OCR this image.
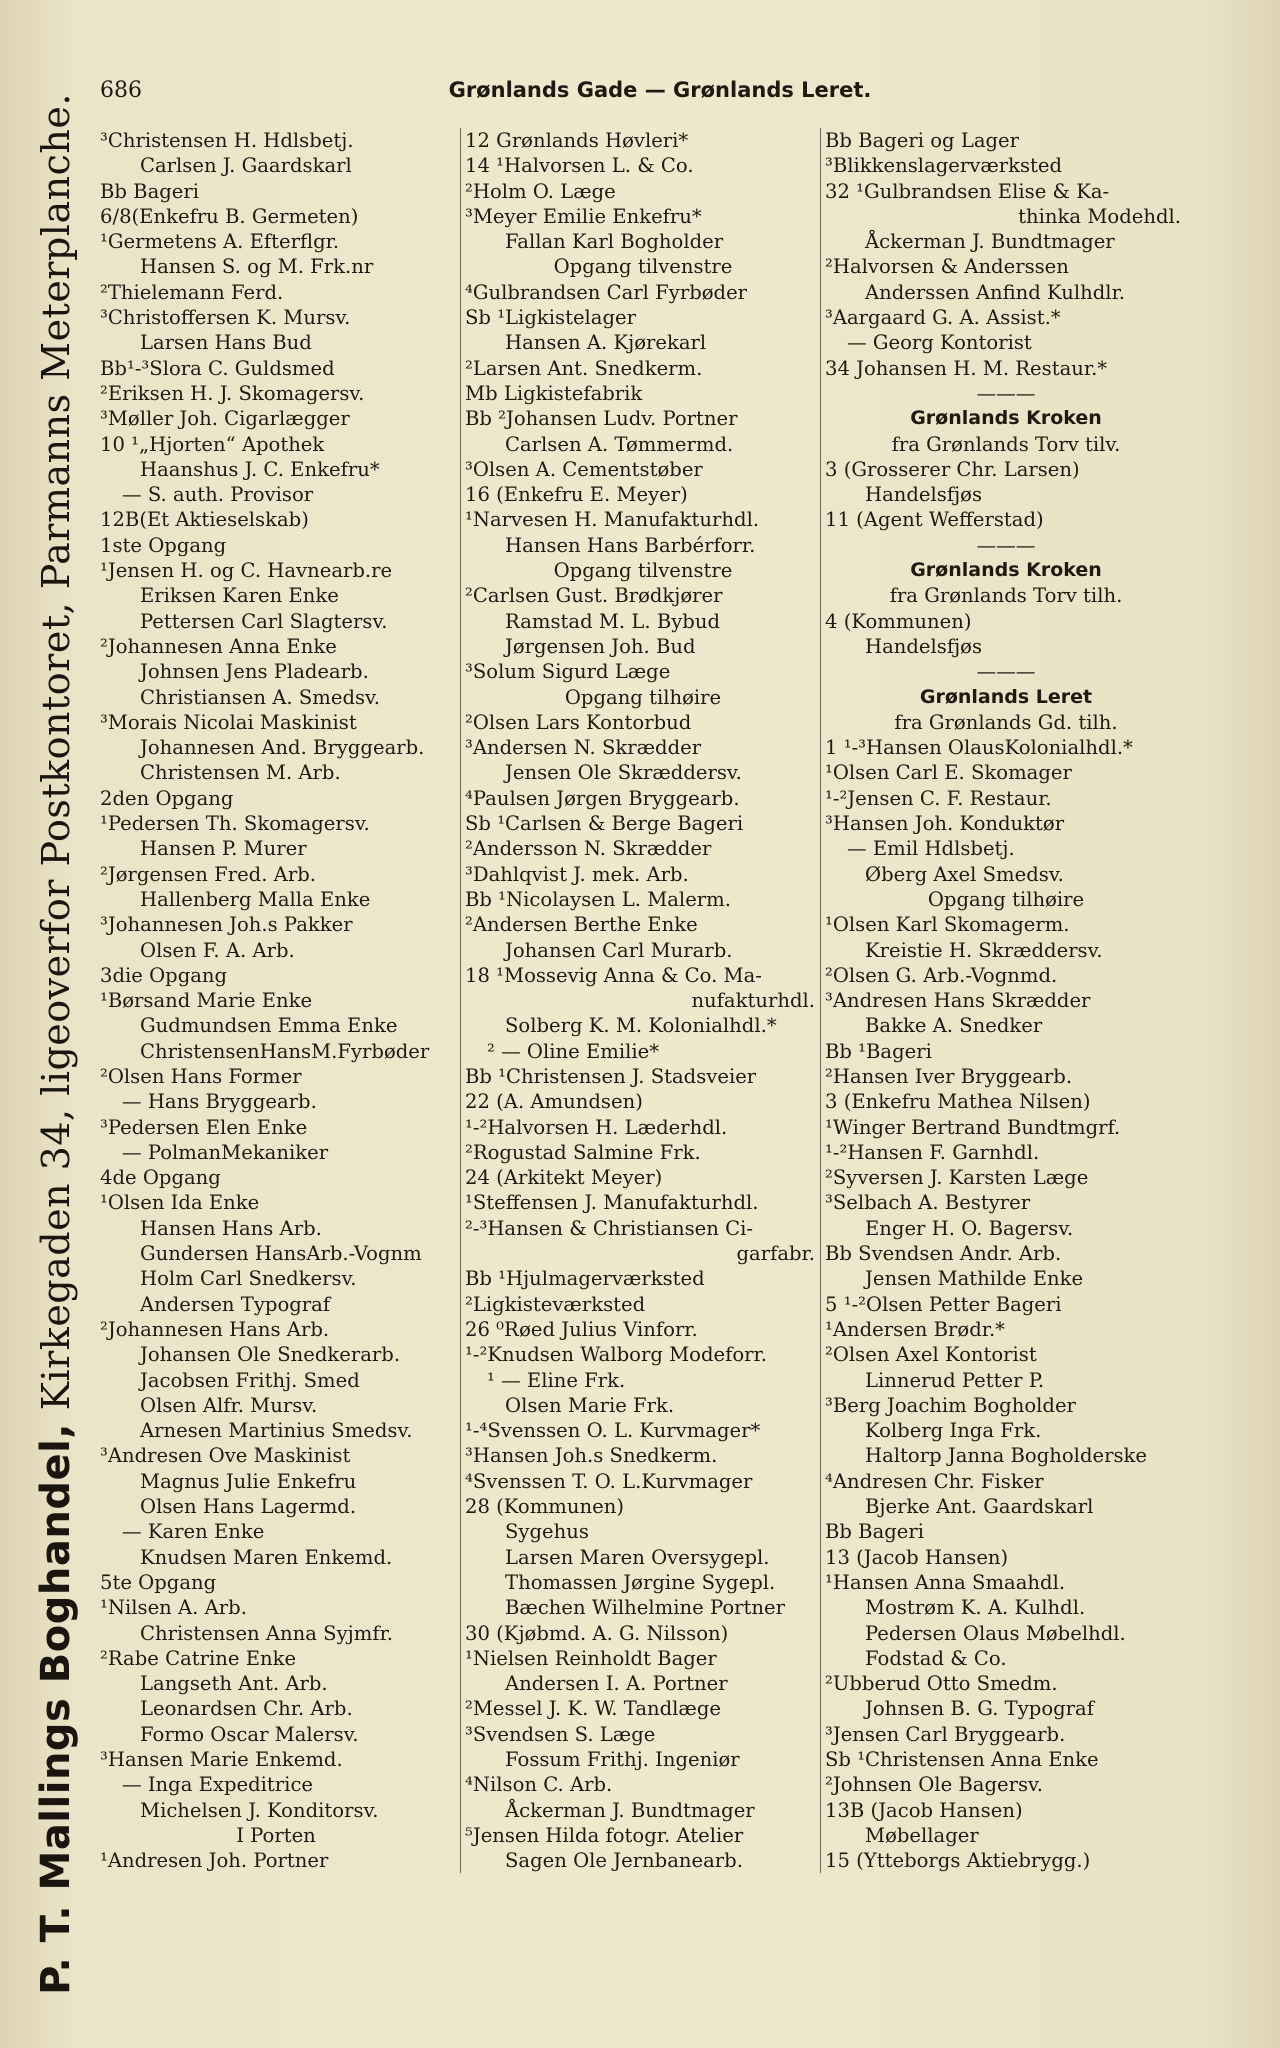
P. T. Mallings Boghandel, Kirkegaden 34, ligeoverfor Postkontoret, Parmanns Meterplanche.
686	Grønlands Gade — Grønlands Leret.
³Christensen H. Hdlsbetj.
Carlsen J. Gaardskarl
Bb Bageri
6/8(Enkefru B. Germeten)
¹Germetens A. Efterflgr.
Hansen S. og M. Frk.nr
²Thielemann Ferd.
³Christoffersen K. Mursv.
Larsen Hans Bud
Bb¹-³Slora C. Guldsmed
²Eriksen H. J. Skomagersv.
³Møller Joh. Cigarlægger
10 ¹„Hjorten“ Apothek
Haanshus J. C. Enkefru*
— S. auth. Provisor
12B(Et Aktieselskab)
1ste Opgang
¹Jensen H. og C. Havnearb.re
Eriksen Karen Enke
Pettersen Carl Slagtersv.
²Johannesen Anna Enke
Johnsen Jens Pladearb.
Christiansen A. Smedsv.
³Morais Nicolai Maskinist
Johannesen And. Bryggearb.
Christensen M. Arb.
2den Opgang
¹Pedersen Th. Skomagersv.
Hansen P. Murer
²Jørgensen Fred. Arb.
Hallenberg Malla Enke
³Johannesen Joh.s Pakker
Olsen F. A. Arb.
3die Opgang
¹Børsand Marie Enke
Gudmundsen Emma Enke
ChristensenHansM.Fyrbøder
²Olsen Hans Former
— Hans Bryggearb.
³Pedersen Elen Enke
— PolmanMekaniker
4de Opgang
¹Olsen Ida Enke
Hansen Hans Arb.
Gundersen HansArb.-Vognm
Holm Carl Snedkersv.
Andersen Typograf
²Johannesen Hans Arb.
Johansen Ole Snedkerarb.
Jacobsen Frithj. Smed
Olsen Alfr. Mursv.
Arnesen Martinius Smedsv.
³Andresen Ove Maskinist
Magnus Julie Enkefru
Olsen Hans Lagermd.
— Karen Enke
Knudsen Maren Enkemd.
5te Opgang
¹Nilsen A. Arb.
Christensen Anna Syjmfr.
²Rabe Catrine Enke
Langseth Ant. Arb.
Leonardsen Chr. Arb.
Formo Oscar Malersv.
³Hansen Marie Enkemd.
— Inga Expeditrice
Michelsen J. Konditorsv.
I Porten
¹Andresen Joh. Portner
12 Grønlands Høvleri*
14 ¹Halvorsen L. & Co.
²Holm O. Læge
³Meyer Emilie Enkefru*
Fallan Karl Bogholder
Opgang tilvenstre
⁴Gulbrandsen Carl Fyrbøder
Sb ¹Ligkistelager
Hansen A. Kjørekarl
²Larsen Ant. Snedkerm.
Mb Ligkistefabrik
Bb ²Johansen Ludv. Portner
Carlsen A. Tømmermd.
³Olsen A. Cementstøber
16 (Enkefru E. Meyer)
¹Narvesen H. Manufakturhdl.
Hansen Hans Barbérforr.
Opgang tilvenstre
²Carlsen Gust. Brødkjører
Ramstad M. L. Bybud
Jørgensen Joh. Bud
³Solum Sigurd Læge
Opgang tilhøire
²Olsen Lars Kontorbud
³Andersen N. Skrædder
Jensen Ole Skræddersv.
⁴Paulsen Jørgen Bryggearb.
Sb ¹Carlsen & Berge Bageri
²Andersson N. Skrædder
³Dahlqvist J. mek. Arb.
Bb ¹Nicolaysen L. Malerm.
²Andersen Berthe Enke
Johansen Carl Murarb.
18 ¹Mossevig Anna & Co. Ma-
nufakturhdl.
Solberg K. M. Kolonialhdl.*
² — Oline Emilie*
Bb ¹Christensen J. Stadsveier
22 (A. Amundsen)
¹-²Halvorsen H. Læderhdl.
²Rogustad Salmine Frk.
24 (Arkitekt Meyer)
¹Steffensen J. Manufakturhdl.
²-³Hansen & Christiansen Ci-
garfabr.
Bb ¹Hjulmagerværksted
²Ligkisteværksted
26 ⁰Røed Julius Vinforr.
¹-²Knudsen Walborg Modeforr.
¹ — Eline Frk.
Olsen Marie Frk.
¹-⁴Svenssen O. L. Kurvmager*
³Hansen Joh.s Snedkerm.
⁴Svenssen T. O. L.Kurvmager
28 (Kommunen)
Sygehus
Larsen Maren Oversygepl.
Thomassen Jørgine Sygepl.
Bæchen Wilhelmine Portner
30 (Kjøbmd. A. G. Nilsson)
¹Nielsen Reinholdt Bager
Andersen I. A. Portner
²Messel J. K. W. Tandlæge
³Svendsen S. Læge
Fossum Frithj. Ingeniør
⁴Nilson C. Arb.
Åckerman J. Bundtmager
⁵Jensen Hilda fotogr. Atelier
Sagen Ole Jernbanearb.
Bb Bageri og Lager
³Blikkenslagerværksted
32 ¹Gulbrandsen Elise & Ka-
thinka Modehdl.
Åckerman J. Bundtmager
²Halvorsen & Anderssen
Anderssen Anfind Kulhdlr.
³Aargaard G. A. Assist.*
— Georg Kontorist
34 Johansen H. M. Restaur.*
———
Grønlands Kroken
fra Grønlands Torv tilv.
3 (Grosserer Chr. Larsen)
Handelsfjøs
11 (Agent Wefferstad)
———
Grønlands Kroken
fra Grønlands Torv tilh.
4 (Kommunen)
Handelsfjøs
———
Grønlands Leret
fra Grønlands Gd. tilh.
1 ¹-³Hansen OlausKolonialhdl.*
¹Olsen Carl E. Skomager
¹-²Jensen C. F. Restaur.
³Hansen Joh. Konduktør
— Emil Hdlsbetj.
Øberg Axel Smedsv.
Opgang tilhøire
¹Olsen Karl Skomagerm.
Kreistie H. Skræddersv.
²Olsen G. Arb.-Vognmd.
³Andresen Hans Skrædder
Bakke A. Snedker
Bb ¹Bageri
²Hansen Iver Bryggearb.
3 (Enkefru Mathea Nilsen)
¹Winger Bertrand Bundtmgrf.
¹-²Hansen F. Garnhdl.
²Syversen J. Karsten Læge
³Selbach A. Bestyrer
Enger H. O. Bagersv.
Bb Svendsen Andr. Arb.
Jensen Mathilde Enke
5 ¹-²Olsen Petter Bageri
¹Andersen Brødr.*
²Olsen Axel Kontorist
Linnerud Petter P.
³Berg Joachim Bogholder
Kolberg Inga Frk.
Haltorp Janna Bogholderske
⁴Andresen Chr. Fisker
Bjerke Ant. Gaardskarl
Bb Bageri
13 (Jacob Hansen)
¹Hansen Anna Smaahdl.
Mostrøm K. A. Kulhdl.
Pedersen Olaus Møbelhdl.
Fodstad & Co.
²Ubberud Otto Smedm.
Johnsen B. G. Typograf
³Jensen Carl Bryggearb.
Sb ¹Christensen Anna Enke
²Johnsen Ole Bagersv.
13B (Jacob Hansen)
Møbellager
15 (Ytteborgs Aktiebrygg.)
